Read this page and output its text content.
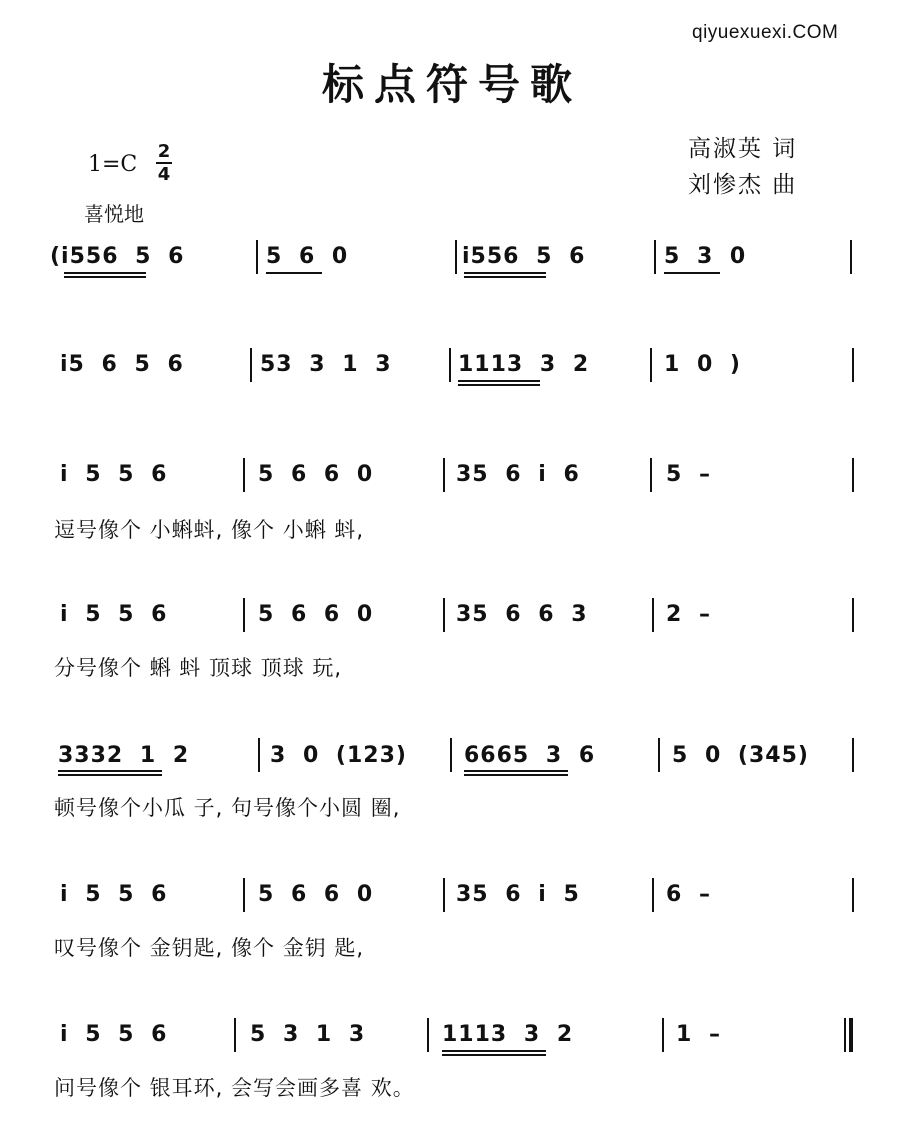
qiyuexuexi.COM
标点符号歌
高淑英 词
刘惨杰 曲
1=C
2
4
喜悦地
(i556 5 6	5 6 0	i556 5 6	5 3 0
i5 6 5 6	53 3 1 3	1113 3 2	1 0 )
i 5 5 6	5 6 6 0	35 6 i 6	5 –
逗号像个 小蝌蚪, 像个 小蝌 蚪,
i 5 5 6	5 6 6 0	35 6 6 3	2 –
分号像个 蝌 蚪 顶球 顶球 玩,
3332 1 2	3 0 (123)	6665 3 6	5 0 (345)
顿号像个小瓜 子, 句号像个小圆 圈,
i 5 5 6	5 6 6 0	35 6 i 5	6 –
叹号像个 金钥匙, 像个 金钥 匙,
i 5 5 6	5 3 1 3	1113 3 2	1 –
问号像个 银耳环, 会写会画多喜 欢。
